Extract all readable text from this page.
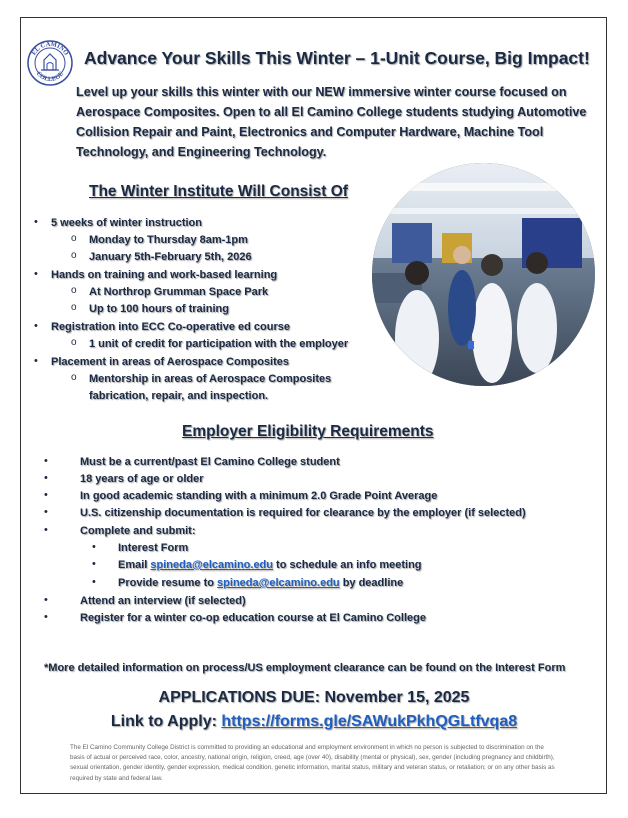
EL CAMINO
COLLEGE
Advance Your Skills This Winter – 1-Unit Course, Big Impact!
Level up your skills this winter with our NEW immersive winter course focused on Aerospace Composites. Open to all El Camino College students studying Automotive Collision Repair and Paint, Electronics and Computer Hardware, Machine Tool Technology, and Engineering Technology.
The Winter Institute Will Consist Of
• 5 weeks of winter instruction
o Monday to Thursday 8am-1pm
o January 5th-February 5th, 2026
• Hands on training and work-based learning
o At Northrop Grumman Space Park
o Up to 100 hours of training
• Registration into ECC Co-operative ed course
o 1 unit of credit for participation with the employer
• Placement in areas of Aerospace Composites
o Mentorship in areas of Aerospace Composites
fabrication, repair, and inspection.
Employer Eligibility Requirements
•	Must be a current/past El Camino College student
•	18 years of age or older
•	In good academic standing with a minimum 2.0 Grade Point Average
•	U.S. citizenship documentation is required for clearance by the employer (if selected)
•	Complete and submit:
• Interest Form
• Email spineda@elcamino.edu to schedule an info meeting
• Provide resume to spineda@elcamino.edu by deadline
•	Attend an interview (if selected)
•	Register for a winter co-op education course at El Camino College
*More detailed information on process/US employment clearance can be found on the Interest Form
APPLICATIONS DUE: November 15, 2025
Link to Apply: https://forms.gle/SAWukPkhQGLtfvqa8
The El Camino Community College District is committed to providing an educational and employment environment in which no person is subjected to discrimination on the basis of actual or perceived race, color, ancestry, national origin, religion, creed, age (over 40), disability (mental or physical), sex, gender (including pregnancy and childbirth), sexual orientation, gender identity, gender expression, medical condition, genetic information, marital status, military and veteran status, or retaliation; or on any other basis as required by state and federal law.
